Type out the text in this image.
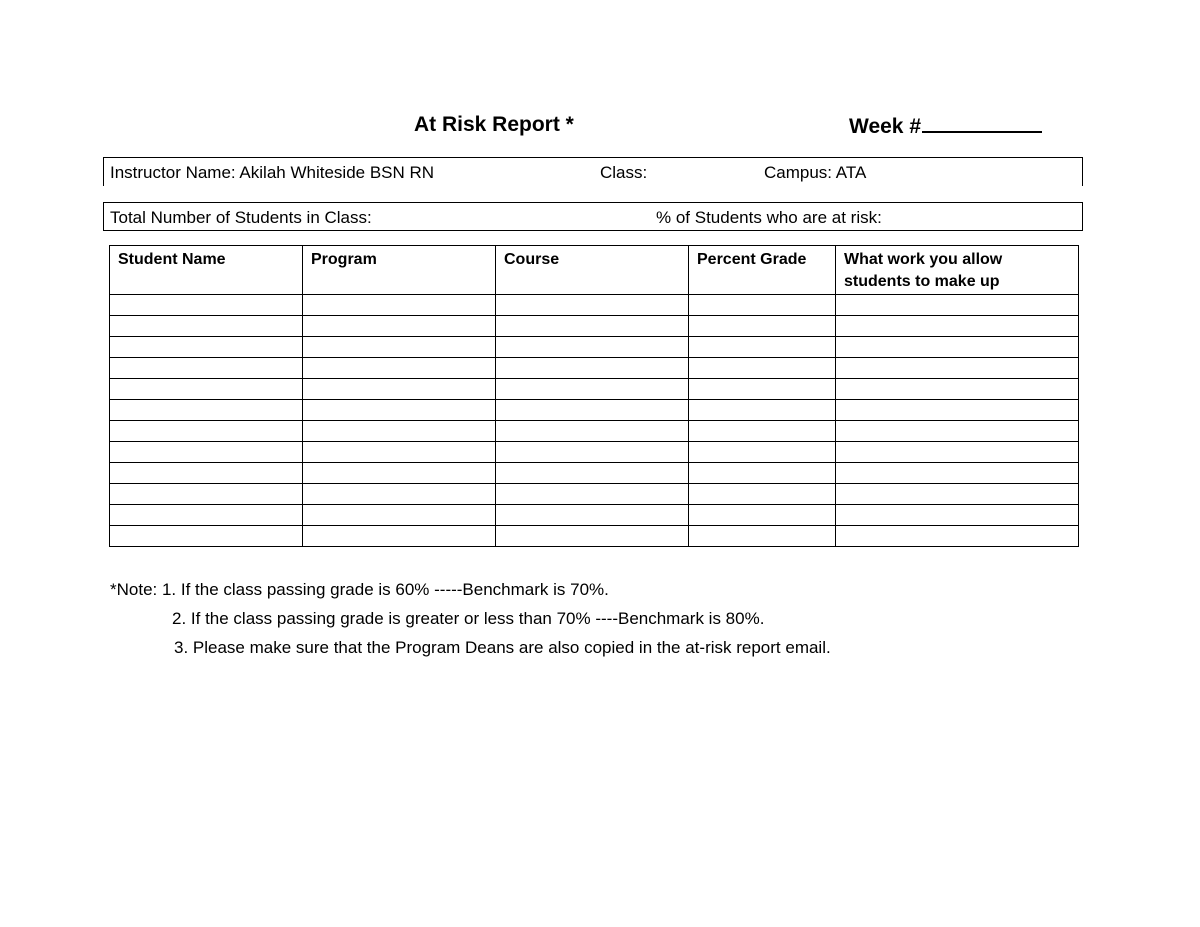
At Risk Report *	Week #
Instructor Name: Akilah Whiteside BSN RN	Class:	Campus: ATA
Total Number of Students in Class:	% of Students who are at risk:
Student Name	Program	Course	Percent Grade	What work you allow students to make up

*Note: 1. If the class passing grade is 60% -----Benchmark is 70%.
2. If the class passing grade is greater or less than 70% ----Benchmark is 80%.
3. Please make sure that the Program Deans are also copied in the at-risk report email.
